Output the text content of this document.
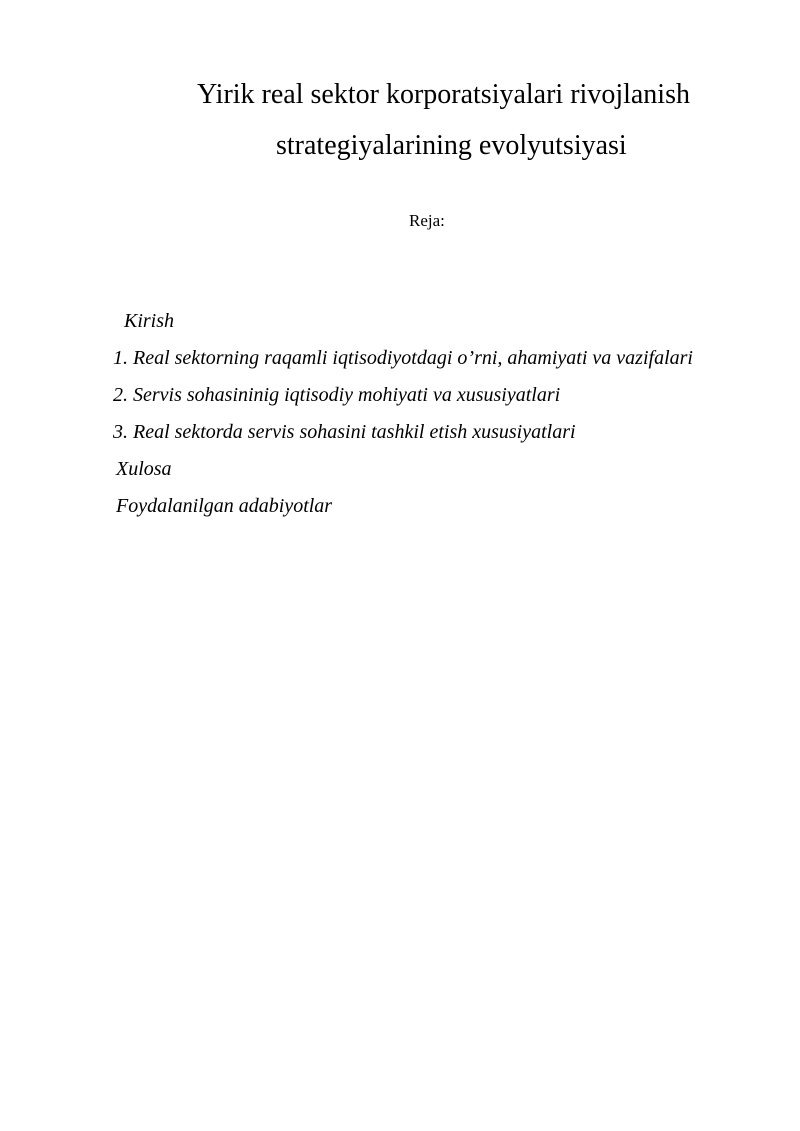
Yirik real sektor korporatsiyalari rivojlanish
strategiyalarining evolyutsiyasi
Reja:
Kirish
1. Real sektorning raqamli iqtisodiyotdagi o’rni, ahamiyati va vazifalari
2. Servis sohasininig iqtisodiy mohiyati va xususiyatlari
3. Real sektorda servis sohasini tashkil etish xususiyatlari
Xulosa
Foydalanilgan adabiyotlar
